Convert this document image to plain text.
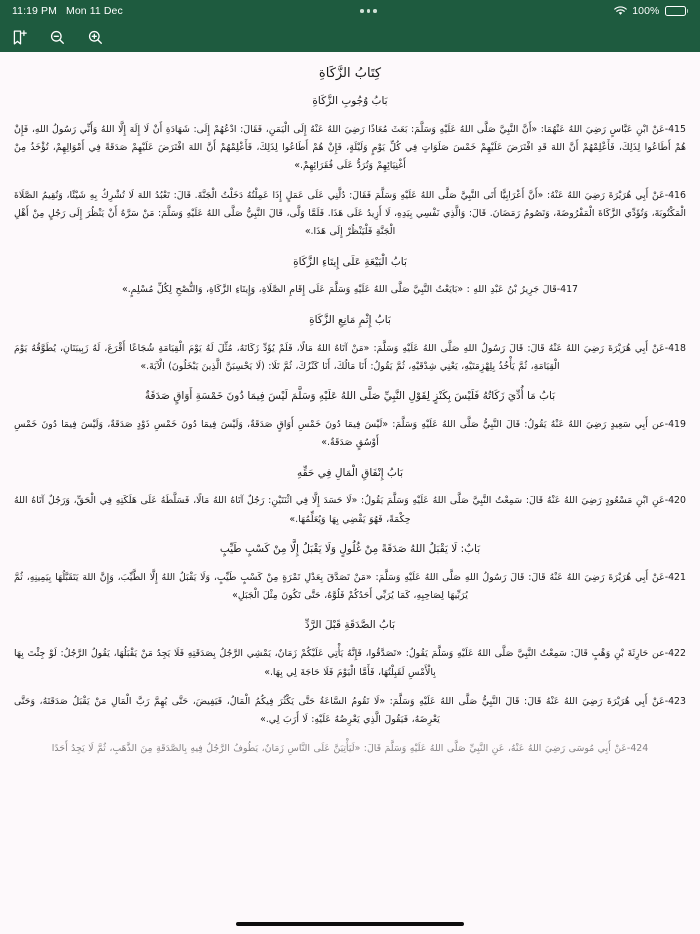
11:19 PM Mon 11 Dec	100%
كِتَابُ الزَّكَاةِ
بَابُ وُجُوبِ الزَّكَاةِ

415-عَنْ ابْنِ عَبَّاسٍ رَضِيَ اللهُ عَنْهُمَا: «أَنَّ النَّبِيَّ صَلَّى اللهُ عَلَيْهِ وَسَلَّمَ: بَعَثَ مُعَاذًا رَضِيَ اللهُ عَنْهُ إِلَى الْيَمَنِ، فَقَالَ: ادْعُهُمْ إِلَى: شَهَادَةِ أَنْ لَا إِلَهَ إِلَّا اللهُ وَأَنِّي رَسُولُ اللهِ، فَإِنْ هُمْ أَطَاعُوا لِذَلِكَ، فَأَعْلِمْهُمْ أَنَّ اللهَ قَدِ افْتَرَضَ عَلَيْهِمْ خَمْسَ صَلَوَاتٍ فِي كُلِّ يَوْمٍ وَلَيْلَةٍ، فَإِنْ هُمْ أَطَاعُوا لِذَلِكَ، فَأَعْلِمْهُمْ أَنَّ اللهَ افْتَرَضَ عَلَيْهِمْ صَدَقَةً فِي أَمْوَالِهِمْ، تُؤْخَذُ مِنْ أَغْنِيَائِهِمْ وَتُرَدُّ عَلَى فُقَرَائِهِمْ.»

416-عَنْ أَبِي هُرَيْرَةَ رَضِيَ اللهُ عَنْهُ: «أَنَّ أَعْرَابِيًّا أَتَى النَّبِيَّ صَلَّى اللهُ عَلَيْهِ وَسَلَّمَ فَقَالَ: دُلَّنِي عَلَى عَمَلٍ إِذَا عَمِلْتُهُ دَخَلْتُ الْجَنَّةَ. قَالَ: تَعْبُدُ اللهَ لَا تُشْرِكُ بِهِ شَيْئًا، وَتُقِيمُ الصَّلَاةَ الْمَكْتُوبَةَ، وَتُؤَدِّي الزَّكَاةَ الْمَفْرُوضَةَ، وَتَصُومُ رَمَضَانَ. قَالَ: وَالَّذِي نَفْسِي بِيَدِهِ، لَا أَزِيدُ عَلَى هَذَا. فَلَمَّا وَلَّى، قَالَ النَّبِيُّ صَلَّى اللهُ عَلَيْهِ وَسَلَّمَ: مَنْ سَرَّهُ أَنْ يَنْظُرَ إِلَى رَجُلٍ مِنْ أَهْلِ الْجَنَّةِ فَلْيَنْظُرْ إِلَى هَذَا.»

بَابُ الْبَيْعَةِ عَلَى إِيتَاءِ الزَّكَاةِ

417-قَالَ جَرِيرُ بْنُ عَبْدِ اللهِ : «بَايَعْتُ النَّبِيَّ صَلَّى اللهُ عَلَيْهِ وَسَلَّمَ عَلَى إِقَامِ الصَّلَاةِ، وَإِيتَاءِ الزَّكَاةِ، وَالنُّصْحِ لِكُلِّ مُسْلِمٍ.»

بَابُ إِثْمِ مَانِعِ الزَّكَاةِ

418-عَنْ أَبِي هُرَيْرَةَ رَضِيَ اللهُ عَنْهُ قَالَ: قَالَ رَسُولُ اللهِ صَلَّى اللهُ عَلَيْهِ وَسَلَّمَ: «مَنْ آتَاهُ اللهُ مَالًا، فَلَمْ يُؤَدِّ زَكَاتَهُ، مُثِّلَ لَهُ يَوْمَ الْقِيَامَةِ شُجَاعًا أَقْرَعَ، لَهُ زَبِيبَتَانِ، يُطَوَّقُهُ يَوْمَ الْقِيَامَةِ، ثُمَّ يَأْخُذُ بِلِهْزِمَتَيْهِ، يَعْنِي شِدْقَيْهِ، ثُمَّ يَقُولُ: أَنَا مَالُكَ، أَنَا كَنْزُكَ، ثُمَّ تَلَا: (لَا يَحْسِبَنَّ الَّذِينَ يَبْخَلُونَ) الْآيَةَ.»

بَابُ مَا أُدِّيَ زَكَاتُهُ فَلَيْسَ بِكَنْزٍ لِقَوْلِ النَّبِيِّ صَلَّى اللهُ عَلَيْهِ وَسَلَّمَ لَيْسَ فِيمَا دُونَ خَمْسَةِ أَوَاقٍ صَدَقَةٌ

419-عن أَبِي سَعِيدٍ رَضِيَ اللهُ عَنْهُ يَقُولُ: قَالَ النَّبِيُّ صَلَّى اللهُ عَلَيْهِ وَسَلَّمَ: «لَيْسَ فِيمَا دُونَ خَمْسِ أَوَاقٍ صَدَقَةٌ، وَلَيْسَ فِيمَا دُونَ خَمْسِ ذَوْدٍ صَدَقَةٌ، وَلَيْسَ فِيمَا دُونَ خَمْسِ أَوْسُقٍ صَدَقَةٌ.»

بَابُ إِنْفَاقِ الْمَالِ فِي حَقِّهِ

420-عَنِ ابْنِ مَسْعُودٍ رَضِيَ اللهُ عَنْهُ قَالَ: سَمِعْتُ النَّبِيَّ صَلَّى اللهُ عَلَيْهِ وَسَلَّمَ يَقُولُ: «لَا حَسَدَ إِلَّا فِي اثْنَتَيْنِ: رَجُلٌ آتَاهُ اللهُ مَالًا، فَسَلَّطَهُ عَلَى هَلَكَتِهِ فِي الْحَقِّ، وَرَجُلٌ آتَاهُ اللهُ حِكْمَةً، فَهُوَ يَقْضِي بِهَا وَيُعَلِّمُهَا.»

بَابٌ: لَا يَقْبَلُ اللهُ صَدَقَةً مِنْ غُلُولٍ وَلَا يَقْبَلُ إِلَّا مِنْ كَسْبٍ طَيِّبٍ

421-عَنْ أَبِي هُرَيْرَةَ رَضِيَ اللهُ عَنْهُ قَالَ: قَالَ رَسُولُ اللهِ صَلَّى اللهُ عَلَيْهِ وَسَلَّمَ: «مَنْ تَصَدَّقَ بِعَدْلِ تَمْرَةٍ مِنْ كَسْبٍ طَيِّبٍ، وَلَا يَقْبَلُ اللهُ إِلَّا الطَّيِّبَ، وَإِنَّ اللهَ يَتَقَبَّلُهَا بِيَمِينِهِ، ثُمَّ يُرَبِّيهَا لِصَاحِبِهِ، كَمَا يُرَبِّي أَحَدُكُمْ فَلُوَّهُ، حَتَّى تَكُونَ مِثْلَ الْجَبَلِ»

بَابُ الصَّدَقَةِ قَبْلَ الرَّدِّ

422-عن حَارِثَةَ بْنِ وَهْبٍ قَالَ: سَمِعْتُ النَّبِيَّ صَلَّى اللهُ عَلَيْهِ وَسَلَّمَ يَقُولُ: «تَصَدَّقُوا، فَإِنَّهُ يَأْتِي عَلَيْكُمْ زَمَانٌ، يَمْشِي الرَّجُلُ بِصَدَقَتِهِ فَلَا يَجِدُ مَنْ يَقْبَلُهَا، يَقُولُ الرَّجُلُ: لَوْ جِئْتَ بِهَا بِالْأَمْسِ لَقَبِلْتُهَا، فَأَمَّا الْيَوْمَ فَلَا حَاجَةَ لِي بِهَا.»

423-عَنْ أَبِي هُرَيْرَةَ رَضِيَ اللهُ عَنْهُ قَالَ: قَالَ النَّبِيُّ صَلَّى اللهُ عَلَيْهِ وَسَلَّمَ: «لَا تَقُومُ السَّاعَةُ حَتَّى يَكْثُرَ فِيكُمُ الْمَالُ، فَيَفِيضَ، حَتَّى يُهِمَّ رَبَّ الْمَالِ مَنْ يَقْبَلُ صَدَقَتَهُ، وَحَتَّى يَعْرِضَهُ، فَيَقُولَ الَّذِي يَعْرِضُهُ عَلَيْهِ: لَا أَرَبَ لِي.»

424-عَنْ أَبِي مُوسَى رَضِيَ اللهُ عَنْهُ، عَنِ النَّبِيِّ صَلَّى اللهُ عَلَيْهِ وَسَلَّمَ قَالَ: «لَيَأْتِيَنَّ عَلَى النَّاسِ زَمَانٌ، يَطُوفُ الرَّجُلُ فِيهِ بِالصَّدَقَةِ مِنَ الذَّهَبِ، ثُمَّ لَا يَجِدُ أَحَدًا
